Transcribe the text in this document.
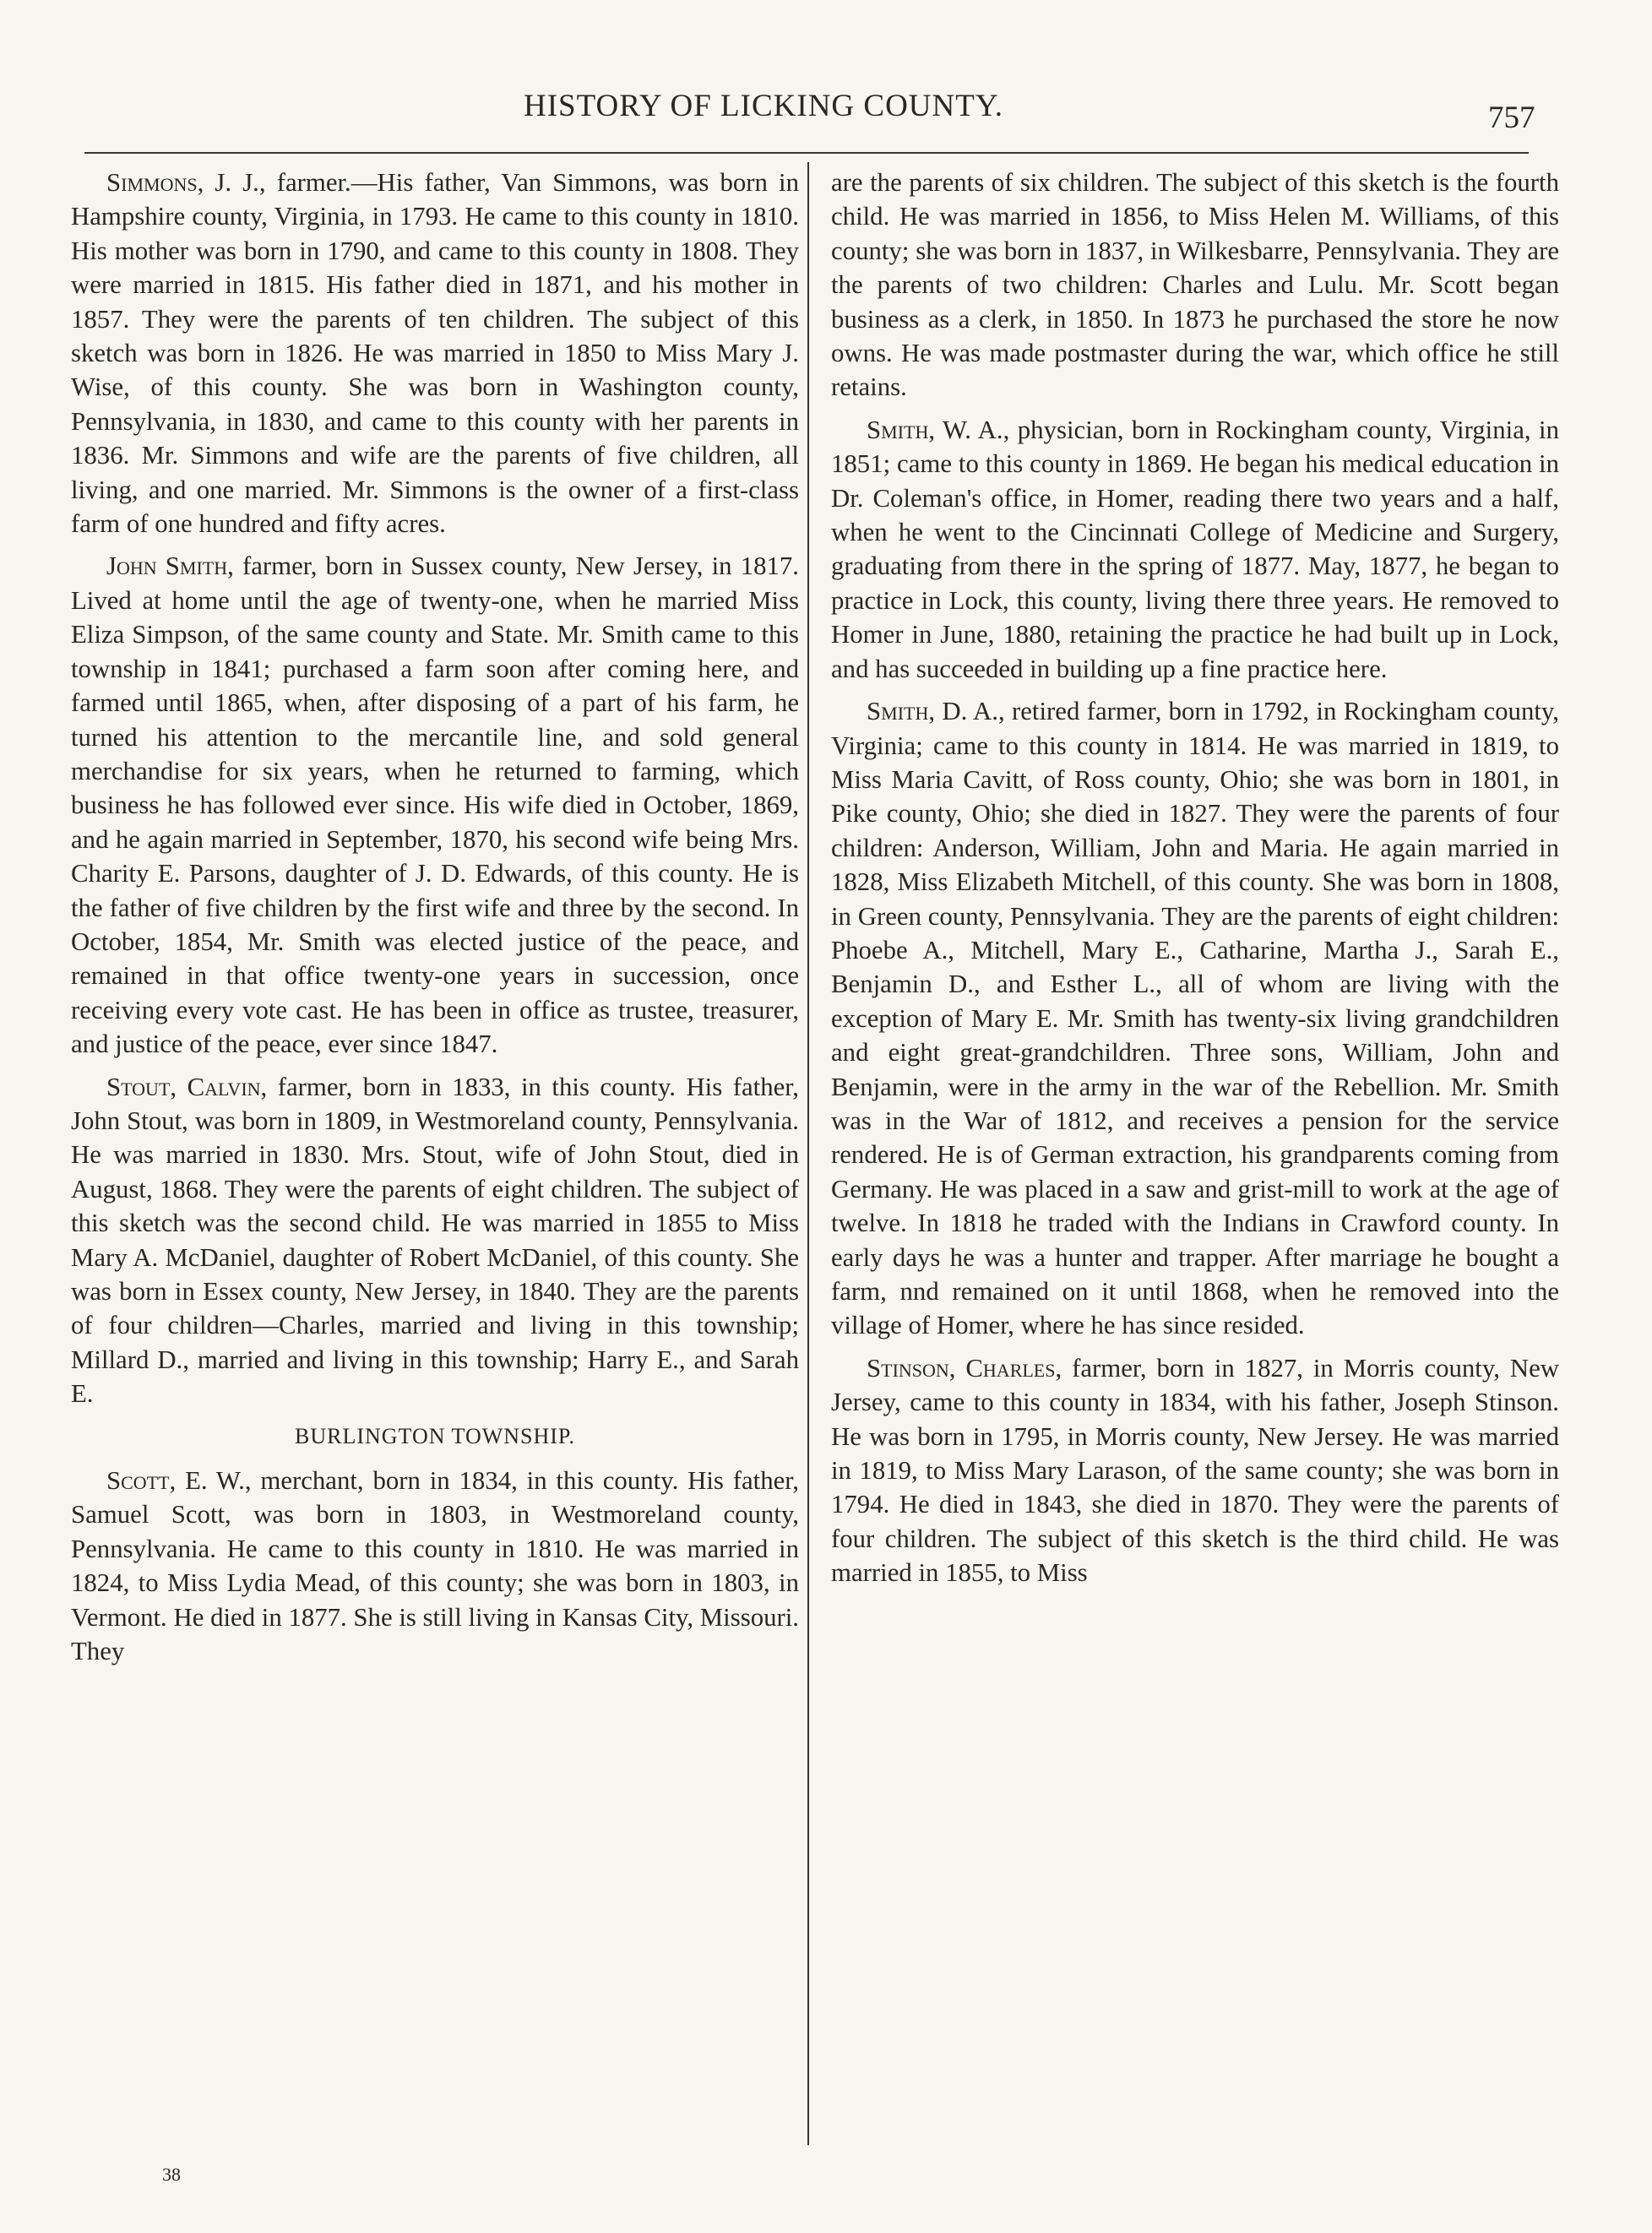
HISTORY OF LICKING COUNTY.	757

Simmons, J. J., farmer.—His father, Van Simmons, was born in Hampshire county, Virginia, in 1793. He came to this county in 1810. His mother was born in 1790, and came to this county in 1808. They were married in 1815. His father died in 1871, and his mother in 1857. They were the parents of ten children. The subject of this sketch was born in 1826. He was married in 1850 to Miss Mary J. Wise, of this county. She was born in Washington county, Pennsylvania, in 1830, and came to this county with her parents in 1836. Mr. Simmons and wife are the parents of five children, all living, and one married. Mr. Simmons is the owner of a first-class farm of one hundred and fifty acres.

John Smith, farmer, born in Sussex county, New Jersey, in 1817. Lived at home until the age of twenty-one, when he married Miss Eliza Simpson, of the same county and State. Mr. Smith came to this township in 1841; purchased a farm soon after coming here, and farmed until 1865, when, after disposing of a part of his farm, he turned his attention to the mercantile line, and sold general merchandise for six years, when he returned to farming, which business he has followed ever since. His wife died in October, 1869, and he again married in September, 1870, his second wife being Mrs. Charity E. Parsons, daughter of J. D. Edwards, of this county. He is the father of five children by the first wife and three by the second. In October, 1854, Mr. Smith was elected justice of the peace, and remained in that office twenty-one years in succession, once receiving every vote cast. He has been in office as trustee, treasurer, and justice of the peace, ever since 1847.

Stout, Calvin, farmer, born in 1833, in this county. His father, John Stout, was born in 1809, in Westmoreland county, Pennsylvania. He was married in 1830. Mrs. Stout, wife of John Stout, died in August, 1868. They were the parents of eight children. The subject of this sketch was the second child. He was married in 1855 to Miss Mary A. McDaniel, daughter of Robert McDaniel, of this county. She was born in Essex county, New Jersey, in 1840. They are the parents of four children—Charles, married and living in this township; Millard D., married and living in this township; Harry E., and Sarah E.

BURLINGTON TOWNSHIP.

Scott, E. W., merchant, born in 1834, in this county. His father, Samuel Scott, was born in 1803, in Westmoreland county, Pennsylvania. He came to this county in 1810. He was married in 1824, to Miss Lydia Mead, of this county; she was born in 1803, in Vermont. He died in 1877. She is still living in Kansas City, Missouri. They

are the parents of six children. The subject of this sketch is the fourth child. He was married in 1856, to Miss Helen M. Williams, of this county; she was born in 1837, in Wilkesbarre, Pennsylvania. They are the parents of two children: Charles and Lulu. Mr. Scott began business as a clerk, in 1850. In 1873 he purchased the store he now owns. He was made postmaster during the war, which office he still retains.

Smith, W. A., physician, born in Rockingham county, Virginia, in 1851; came to this county in 1869. He began his medical education in Dr. Coleman's office, in Homer, reading there two years and a half, when he went to the Cincinnati College of Medicine and Surgery, graduating from there in the spring of 1877. May, 1877, he began to practice in Lock, this county, living there three years. He removed to Homer in June, 1880, retaining the practice he had built up in Lock, and has succeeded in building up a fine practice here.

Smith, D. A., retired farmer, born in 1792, in Rockingham county, Virginia; came to this county in 1814. He was married in 1819, to Miss Maria Cavitt, of Ross county, Ohio; she was born in 1801, in Pike county, Ohio; she died in 1827. They were the parents of four children: Anderson, William, John and Maria. He again married in 1828, Miss Elizabeth Mitchell, of this county. She was born in 1808, in Green county, Pennsylvania. They are the parents of eight children: Phoebe A., Mitchell, Mary E., Catharine, Martha J., Sarah E., Benjamin D., and Esther L., all of whom are living with the exception of Mary E. Mr. Smith has twenty-six living grandchildren and eight great-grandchildren. Three sons, William, John and Benjamin, were in the army in the war of the Rebellion. Mr. Smith was in the War of 1812, and receives a pension for the service rendered. He is of German extraction, his grandparents coming from Germany. He was placed in a saw and grist-mill to work at the age of twelve. In 1818 he traded with the Indians in Crawford county. In early days he was a hunter and trapper. After marriage he bought a farm, nnd remained on it until 1868, when he removed into the village of Homer, where he has since resided.

Stinson, Charles, farmer, born in 1827, in Morris county, New Jersey, came to this county in 1834, with his father, Joseph Stinson. He was born in 1795, in Morris county, New Jersey. He was married in 1819, to Miss Mary Larason, of the same county; she was born in 1794. He died in 1843, she died in 1870. They were the parents of four children. The subject of this sketch is the third child. He was married in 1855, to Miss

38
